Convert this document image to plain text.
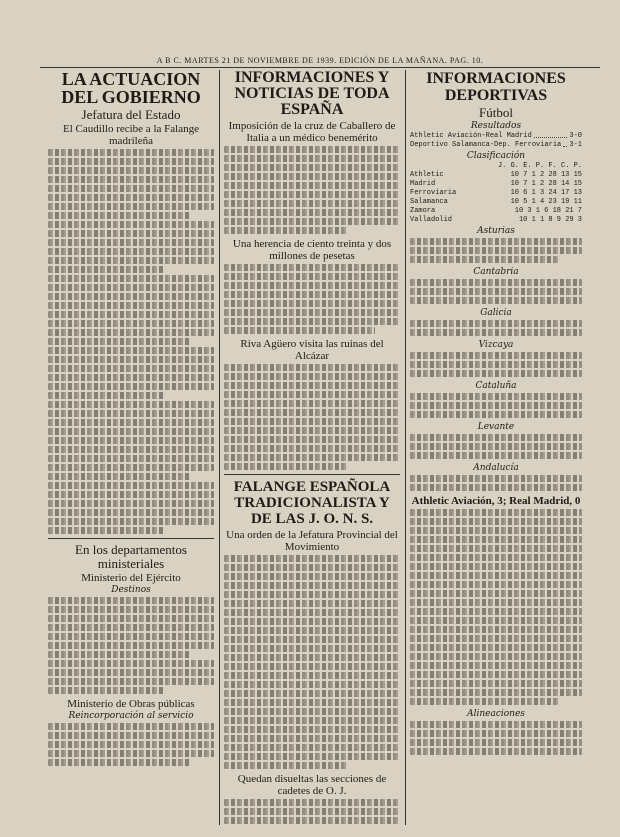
A B C. MARTES 21 DE NOVIEMBRE DE 1939. EDICIÓN DE LA MAÑANA. PAG. 10.
LA ACTUACION DEL GOBIERNO
Jefatura del Estado
El Caudillo recibe a la Falange madrileña
En los departamentos ministeriales
Ministerio del Ejército
Destinos
Ministerio de Obras públicas
Reincorporación al servicio
INFORMACIONES Y NOTICIAS DE TODA ESPAÑA
Imposición de la cruz de Caballero de Italia a un médico benemérito
Una herencia de ciento treinta y dos millones de pesetas
Riva Agüero visita las ruinas del Alcázar
FALANGE ESPAÑOLA TRADICIONALISTA Y DE LAS J. O. N. S.
Una orden de la Jefatura Provincial del Movimiento
Quedan disueltas las secciones de cadetes de O. J.
INFORMACIONES DEPORTIVAS
Fútbol
Resultados
Athletic Aviación-Real Madrid	3-0
Deportivo Salamanca-Dep. Ferroviaria 3-1
Clasificación
J. G. E. P. F. C. P.
Athletic	10 7 1 2 28 13 15
Madrid	10 7 1 2 28 14 15
Ferroviaria	10 6 1 3 24 17 13
Salamanca	10 5 1 4 23 19 11
Zamora	10 3 1 6 18 21 7
Valladolid	10 1 1 8 9 29 3
Asturias
Cantabria
Galicia
Vizcaya
Cataluña
Levante
Andalucía
Athletic Aviación, 3; Real Madrid, 0
Alineaciones
